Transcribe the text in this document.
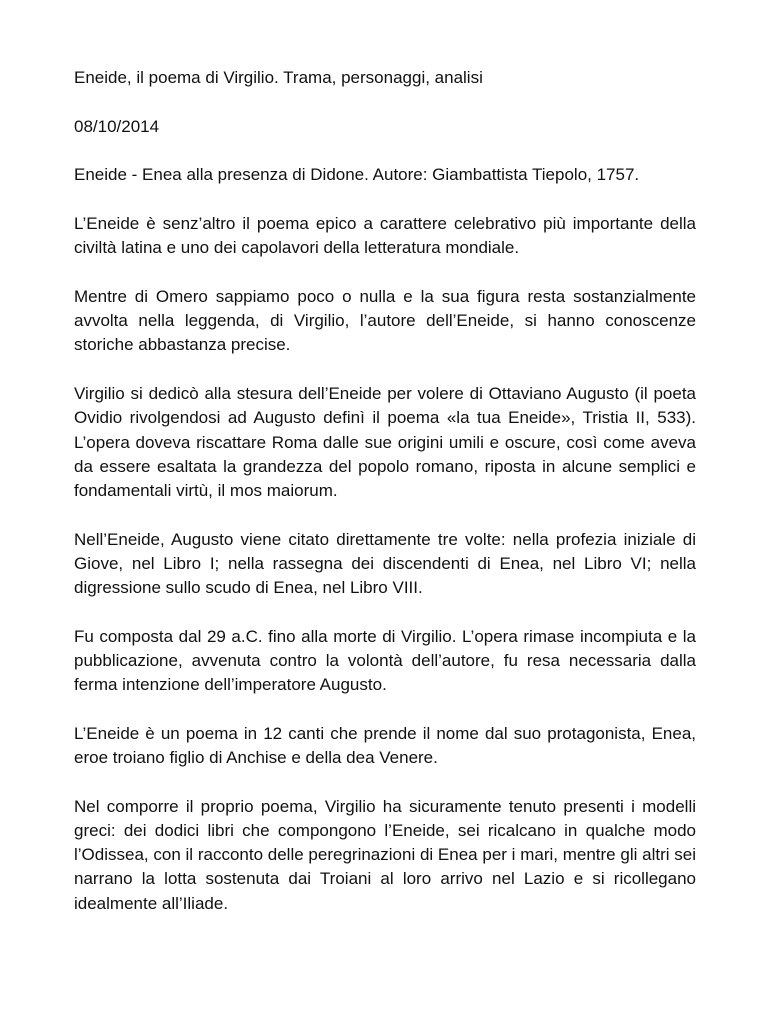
Eneide, il poema di Virgilio. Trama, personaggi, analisi

08/10/2014

Eneide - Enea alla presenza di Didone. Autore: Giambattista Tiepolo, 1757.

L’Eneide è senz’altro il poema epico a carattere celebrativo più importante della civiltà latina e uno dei capolavori della letteratura mondiale.

Mentre di Omero sappiamo poco o nulla e la sua figura resta sostanzialmente avvolta nella leggenda, di Virgilio, l’autore dell’Eneide, si hanno conoscenze storiche abbastanza precise.

Virgilio si dedicò alla stesura dell’Eneide per volere di Ottaviano Augusto (il poeta Ovidio rivolgendosi ad Augusto definì il poema «la tua Eneide», Tristia II, 533). L’opera doveva riscattare Roma dalle sue origini umili e oscure, così come aveva da essere esaltata la grandezza del popolo romano, riposta in alcune semplici e fondamentali virtù, il mos maiorum.

Nell’Eneide, Augusto viene citato direttamente tre volte: nella profezia iniziale di Giove, nel Libro I; nella rassegna dei discendenti di Enea, nel Libro VI; nella digressione sullo scudo di Enea, nel Libro VIII.

Fu composta dal 29 a.C. fino alla morte di Virgilio. L’opera rimase incompiuta e la pubblicazione, avvenuta contro la volontà dell’autore, fu resa necessaria dalla ferma intenzione dell’imperatore Augusto.

L’Eneide è un poema in 12 canti che prende il nome dal suo protagonista, Enea, eroe troiano figlio di Anchise e della dea Venere.

Nel comporre il proprio poema, Virgilio ha sicuramente tenuto presenti i modelli greci: dei dodici libri che compongono l’Eneide, sei ricalcano in qualche modo l’Odissea, con il racconto delle peregrinazioni di Enea per i mari, mentre gli altri sei narrano la lotta sostenuta dai Troiani al loro arrivo nel Lazio e si ricollegano idealmente all’Iliade.
